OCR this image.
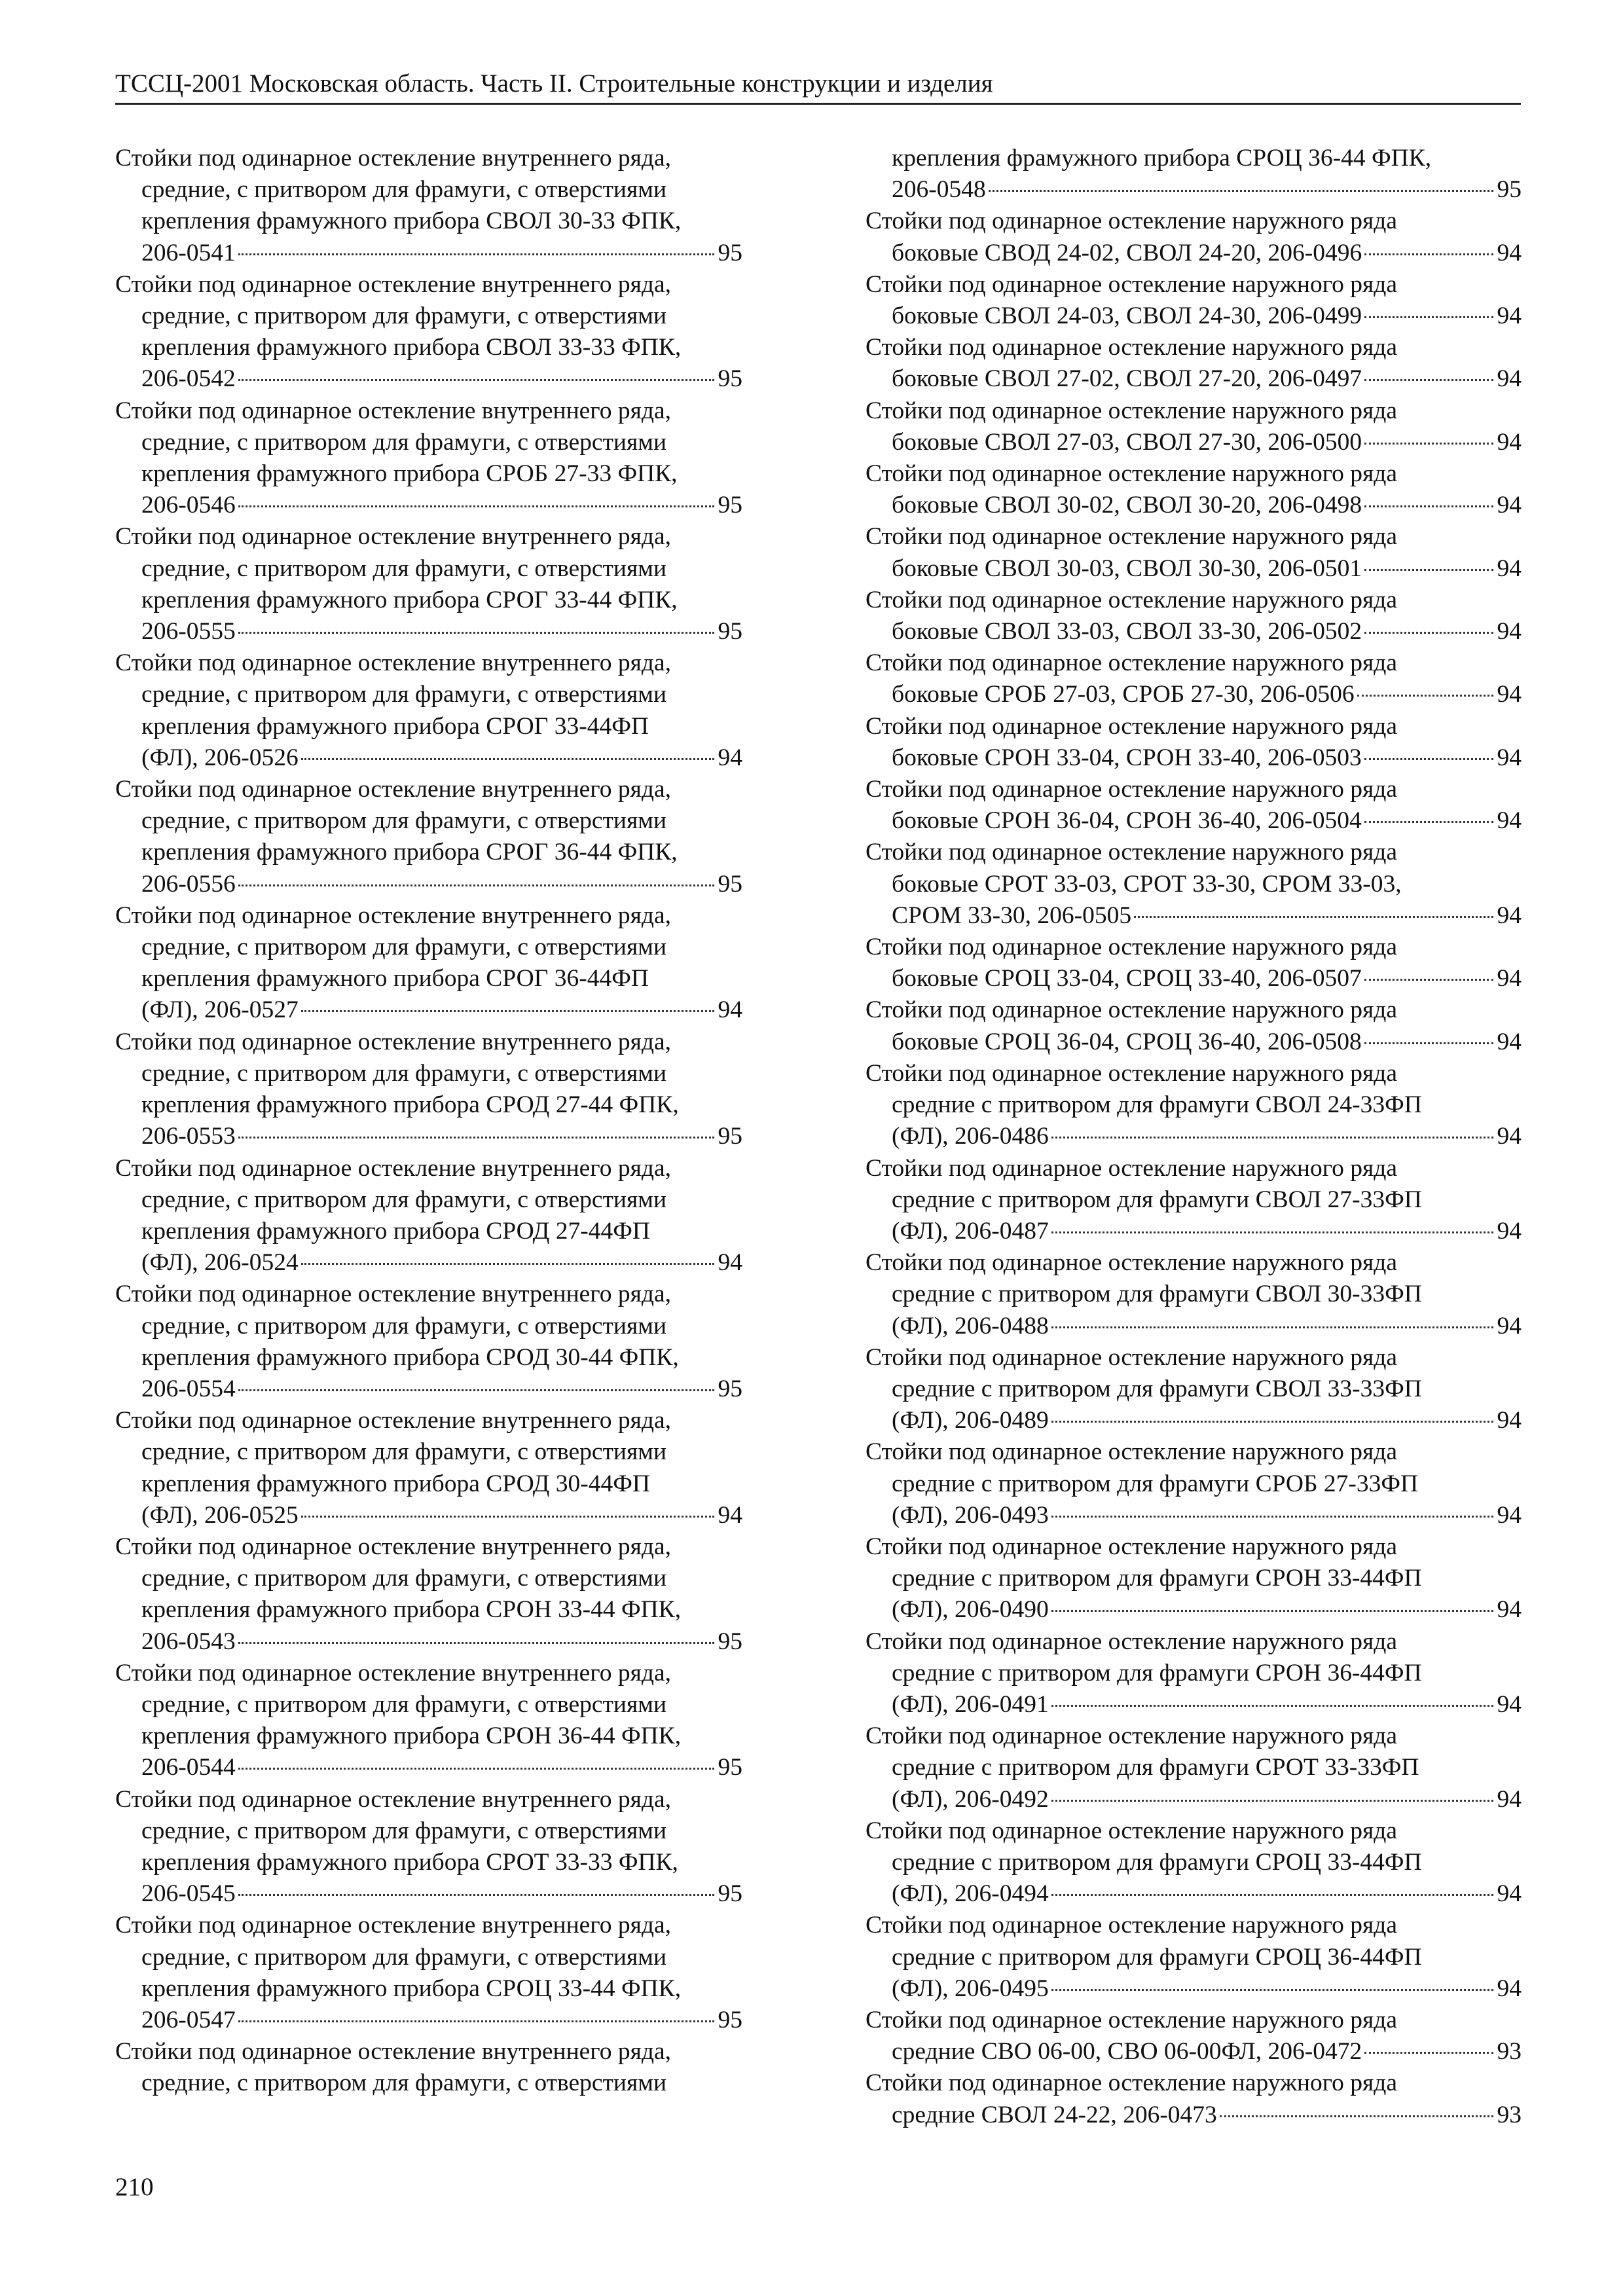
ТССЦ-2001 Московская область. Часть II. Строительные конструкции и изделия
Стойки под одинарное остекление внутреннего ряда,
средние, с притвором для фрамуги, с отверстиями
крепления фрамужного прибора СВОЛ 30-33 ФПК,
206-0541	95
Стойки под одинарное остекление внутреннего ряда,
средние, с притвором для фрамуги, с отверстиями
крепления фрамужного прибора СВОЛ 33-33 ФПК,
206-0542	95
Стойки под одинарное остекление внутреннего ряда,
средние, с притвором для фрамуги, с отверстиями
крепления фрамужного прибора СРОБ 27-33 ФПК,
206-0546	95
Стойки под одинарное остекление внутреннего ряда,
средние, с притвором для фрамуги, с отверстиями
крепления фрамужного прибора СРОГ 33-44 ФПК,
206-0555	95
Стойки под одинарное остекление внутреннего ряда,
средние, с притвором для фрамуги, с отверстиями
крепления фрамужного прибора СРОГ 33-44ФП
(ФЛ), 206-0526	94
Стойки под одинарное остекление внутреннего ряда,
средние, с притвором для фрамуги, с отверстиями
крепления фрамужного прибора СРОГ 36-44 ФПК,
206-0556	95
Стойки под одинарное остекление внутреннего ряда,
средние, с притвором для фрамуги, с отверстиями
крепления фрамужного прибора СРОГ 36-44ФП
(ФЛ), 206-0527	94
Стойки под одинарное остекление внутреннего ряда,
средние, с притвором для фрамуги, с отверстиями
крепления фрамужного прибора СРОД 27-44 ФПК,
206-0553	95
Стойки под одинарное остекление внутреннего ряда,
средние, с притвором для фрамуги, с отверстиями
крепления фрамужного прибора СРОД 27-44ФП
(ФЛ), 206-0524	94
Стойки под одинарное остекление внутреннего ряда,
средние, с притвором для фрамуги, с отверстиями
крепления фрамужного прибора СРОД 30-44 ФПК,
206-0554	95
Стойки под одинарное остекление внутреннего ряда,
средние, с притвором для фрамуги, с отверстиями
крепления фрамужного прибора СРОД 30-44ФП
(ФЛ), 206-0525	94
Стойки под одинарное остекление внутреннего ряда,
средние, с притвором для фрамуги, с отверстиями
крепления фрамужного прибора СРОН 33-44 ФПК,
206-0543	95
Стойки под одинарное остекление внутреннего ряда,
средние, с притвором для фрамуги, с отверстиями
крепления фрамужного прибора СРОН 36-44 ФПК,
206-0544	95
Стойки под одинарное остекление внутреннего ряда,
средние, с притвором для фрамуги, с отверстиями
крепления фрамужного прибора СРОТ 33-33 ФПК,
206-0545	95
Стойки под одинарное остекление внутреннего ряда,
средние, с притвором для фрамуги, с отверстиями
крепления фрамужного прибора СРОЦ 33-44 ФПК,
206-0547	95
Стойки под одинарное остекление внутреннего ряда,
средние, с притвором для фрамуги, с отверстиями
крепления фрамужного прибора СРОЦ 36-44 ФПК,
206-0548	95
Стойки под одинарное остекление наружного ряда
боковые СВОД 24-02, СВОЛ 24-20, 206-0496	94
Стойки под одинарное остекление наружного ряда
боковые СВОЛ 24-03, СВОЛ 24-30, 206-0499	94
Стойки под одинарное остекление наружного ряда
боковые СВОЛ 27-02, СВОЛ 27-20, 206-0497	94
Стойки под одинарное остекление наружного ряда
боковые СВОЛ 27-03, СВОЛ 27-30, 206-0500	94
Стойки под одинарное остекление наружного ряда
боковые СВОЛ 30-02, СВОЛ 30-20, 206-0498	94
Стойки под одинарное остекление наружного ряда
боковые СВОЛ 30-03, СВОЛ 30-30, 206-0501	94
Стойки под одинарное остекление наружного ряда
боковые СВОЛ 33-03, СВОЛ 33-30, 206-0502	94
Стойки под одинарное остекление наружного ряда
боковые СРОБ 27-03, СРОБ 27-30, 206-0506	94
Стойки под одинарное остекление наружного ряда
боковые СРОН 33-04, СРОН 33-40, 206-0503	94
Стойки под одинарное остекление наружного ряда
боковые СРОН 36-04, СРОН 36-40, 206-0504	94
Стойки под одинарное остекление наружного ряда
боковые СРОТ 33-03, СРОТ 33-30, СРОМ 33-03,
СРОМ 33-30, 206-0505	94
Стойки под одинарное остекление наружного ряда
боковые СРОЦ 33-04, СРОЦ 33-40, 206-0507	94
Стойки под одинарное остекление наружного ряда
боковые СРОЦ 36-04, СРОЦ 36-40, 206-0508	94
Стойки под одинарное остекление наружного ряда
средние с притвором для фрамуги СВОЛ 24-33ФП
(ФЛ), 206-0486	94
Стойки под одинарное остекление наружного ряда
средние с притвором для фрамуги СВОЛ 27-33ФП
(ФЛ), 206-0487	94
Стойки под одинарное остекление наружного ряда
средние с притвором для фрамуги СВОЛ 30-33ФП
(ФЛ), 206-0488	94
Стойки под одинарное остекление наружного ряда
средние с притвором для фрамуги СВОЛ 33-33ФП
(ФЛ), 206-0489	94
Стойки под одинарное остекление наружного ряда
средние с притвором для фрамуги СРОБ 27-33ФП
(ФЛ), 206-0493	94
Стойки под одинарное остекление наружного ряда
средние с притвором для фрамуги СРОН 33-44ФП
(ФЛ), 206-0490	94
Стойки под одинарное остекление наружного ряда
средние с притвором для фрамуги СРОН 36-44ФП
(ФЛ), 206-0491	94
Стойки под одинарное остекление наружного ряда
средние с притвором для фрамуги СРОТ 33-33ФП
(ФЛ), 206-0492	94
Стойки под одинарное остекление наружного ряда
средние с притвором для фрамуги СРОЦ 33-44ФП
(ФЛ), 206-0494	94
Стойки под одинарное остекление наружного ряда
средние с притвором для фрамуги СРОЦ 36-44ФП
(ФЛ), 206-0495	94
Стойки под одинарное остекление наружного ряда
средние СВО 06-00, СВО 06-00ФЛ, 206-0472	93
Стойки под одинарное остекление наружного ряда
средние СВОЛ 24-22, 206-0473	93
210
